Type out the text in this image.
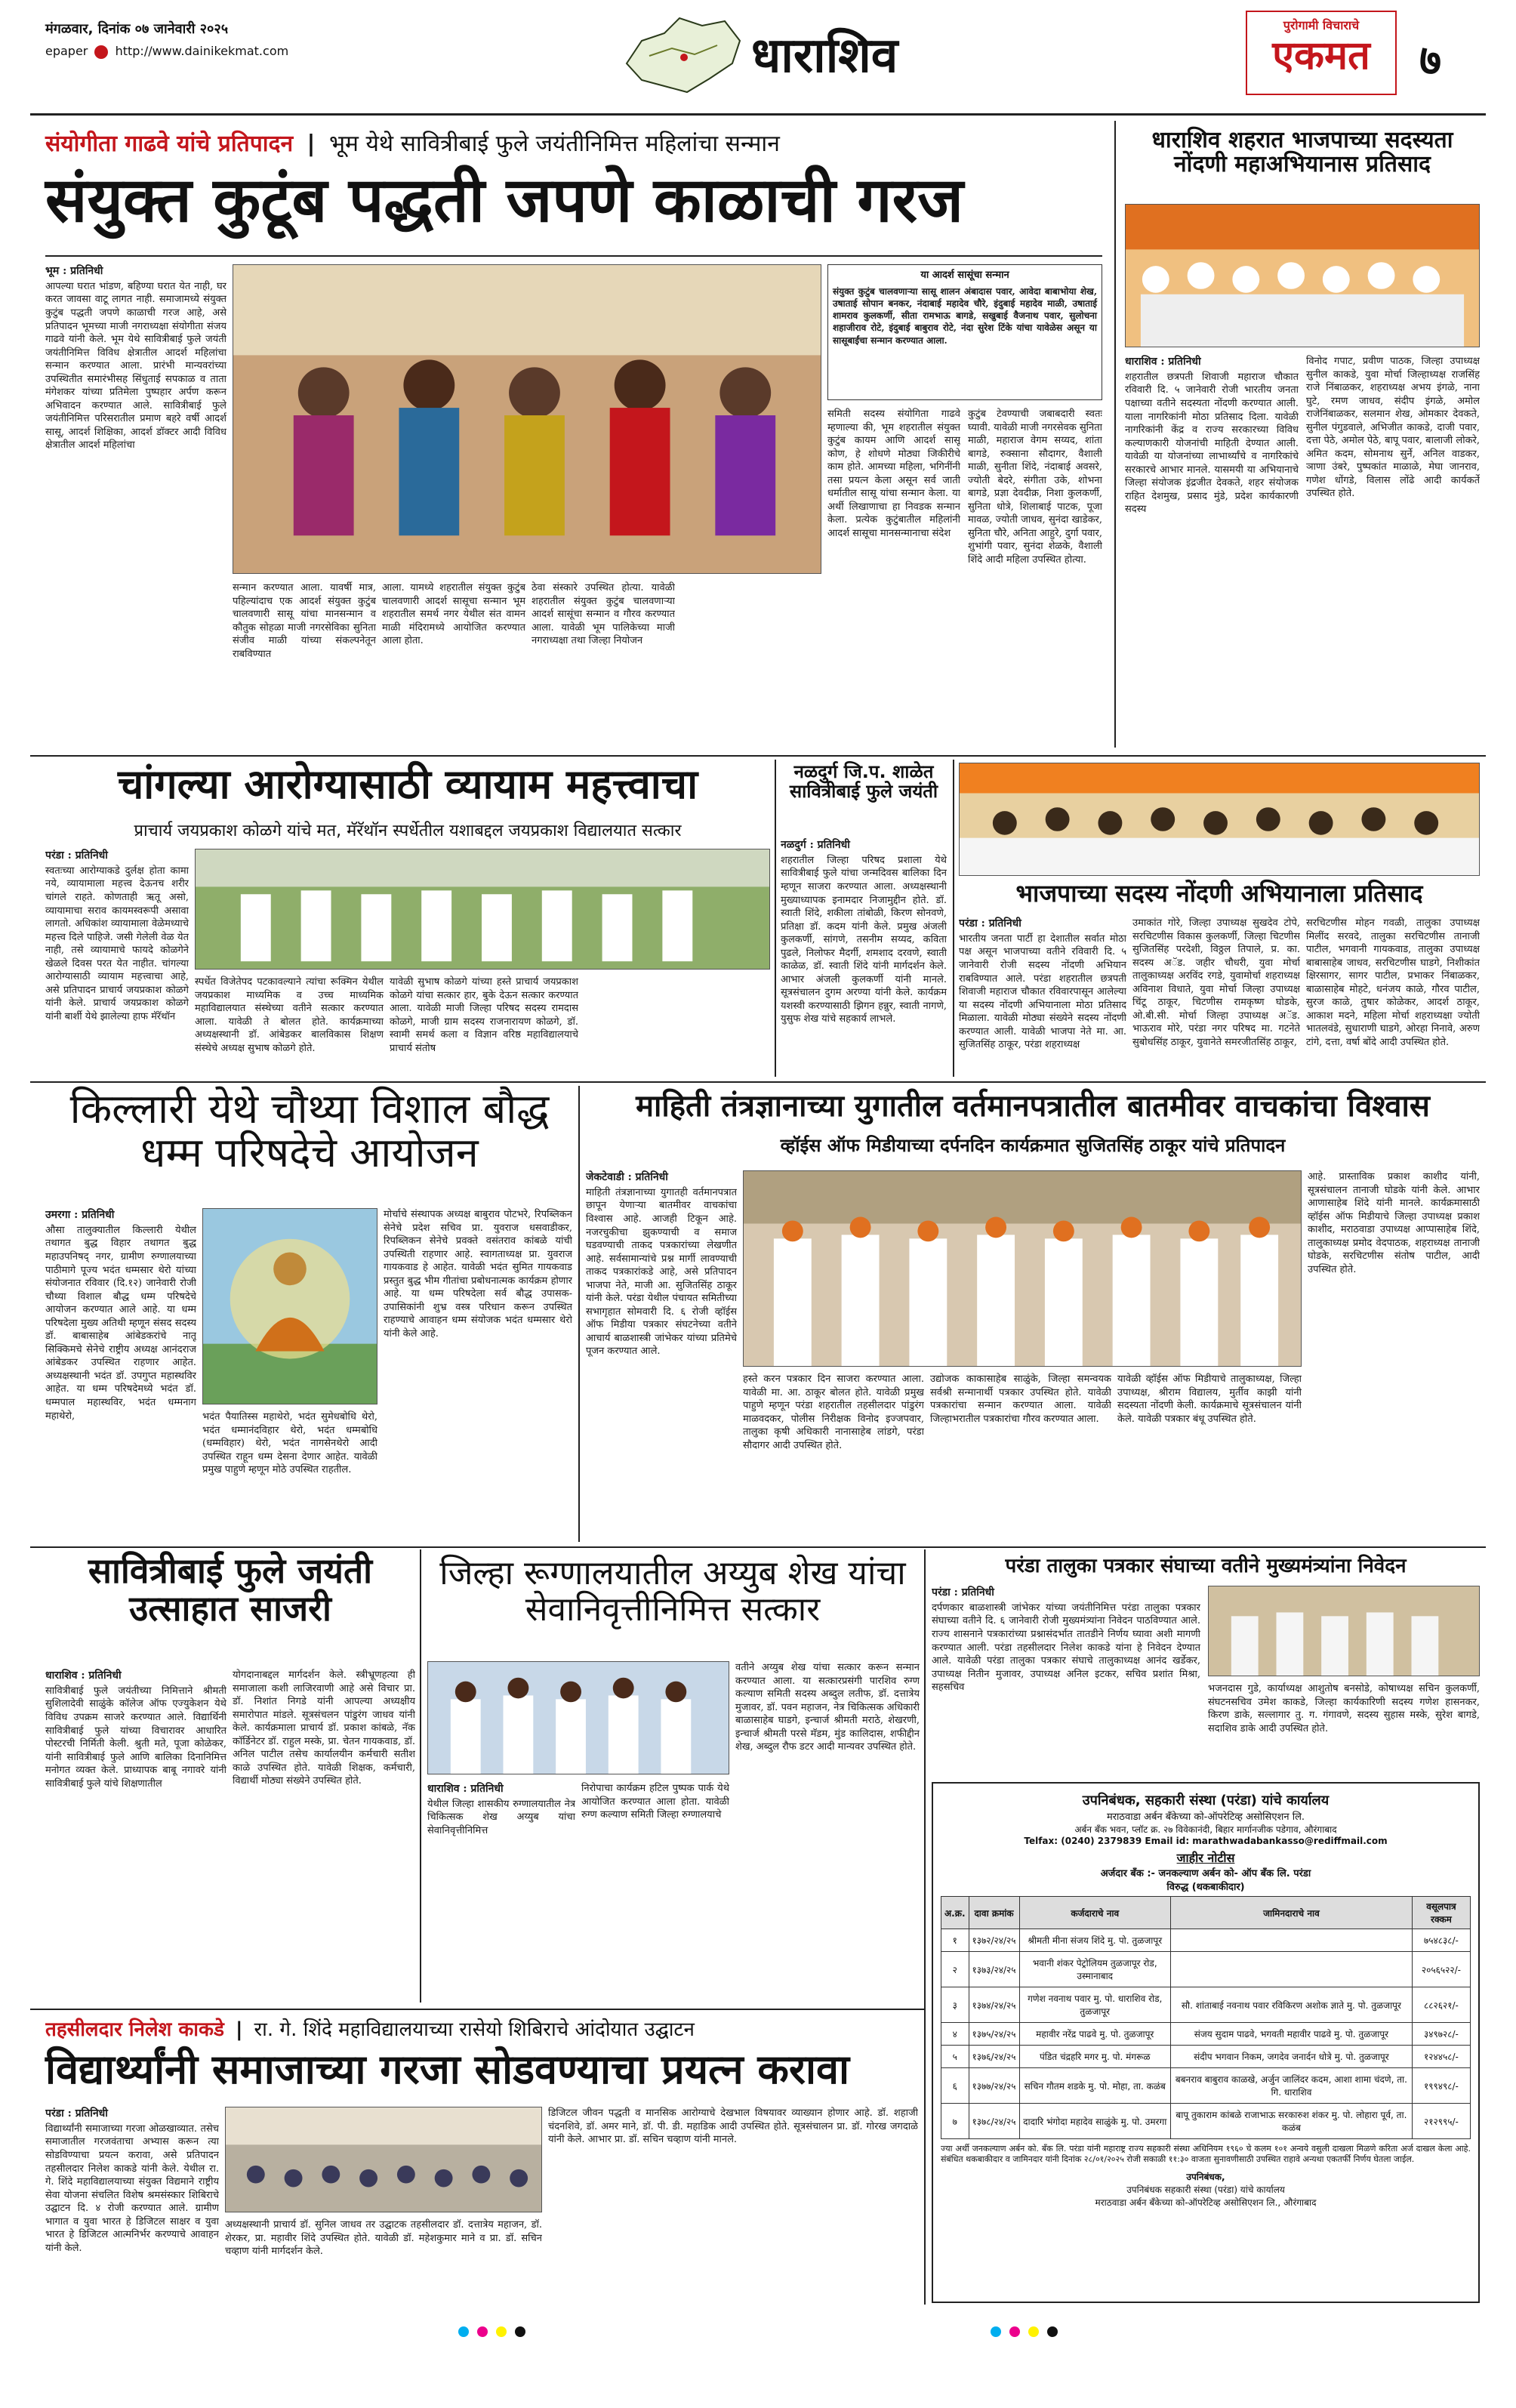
मंगळवार, दिनांक ०७ जानेवारी २०२५
epaper http://www.dainikekmat.com	धाराशिव
पुरोगामी विचाराचे
एकमत	७
संयोगीता गाढवे यांचे प्रतिपादन | भूम येथे सावित्रीबाई फुले जयंतीनिमित्त महिलांचा सन्मान
संयुक्त कुटूंब पद्धती जपणे काळाची गरज
भूम : प्रतिनिधी
आपल्या घरात भांडण, बहिण्या घरात येत नाही, घर करत जावसा वाटू लागत नाही. समाजामध्ये संयुक्त कुटुंब पद्धती जपणे काळाची गरज आहे, असे प्रतिपादन भूमच्या माजी नगराध्यक्षा संयोगीता संजय गाढवे यांनी केले. भूम येथे सावित्रीबाई फुले जयंती जयंतीनिमित्त विविध क्षेत्रातील आदर्श महिलांचा सन्मान करण्यात आला. प्रारंभी मान्यवरांच्या उपस्थितीत समारंभीसह सिंधुताई सपकाळ व ताता मंगेशकर यांच्या प्रतिमेला पुष्पहार अर्पण करून अभिवादन करण्यात आले. सावित्रीबाई फुले जयंतीनिमित्त परिसरातील प्रमाण बहरे वर्षी आदर्श सासू, आदर्श शिक्षिका, आदर्श डॉक्टर आदी विविध क्षेत्रातील आदर्श महिलांचा
या आदर्श सासूंचा सन्मान
संयुक्त कुटुंब चालवणाऱ्या सासू शालन अंबादास पवार, आवेदा बाबाभोया शेख, उषाताई सोपान बनकर, नंदाबाई महादेव चौरे, इंदुबाई महादेव माळी, उषाताई शामराव कुलकर्णी, सीता रामभाऊ बागडे, सखुबाई वैजनाथ पवार, सुलोचना शहाजीराव रोटे, इंदुबाई बाबुराव रोटे, नंदा सुरेश टिंके यांचा यावेळेस असून या सासूबाईंचा सन्मान करण्यात आला.
सन्मान करण्यात आला. यावर्षी मात्र, पहिल्यांदाच एक आदर्श संयुक्त कुटुंब चालवणारी सासू यांचा मानसन्मान व कौतुक सोहळा माजी नगरसेविका सुनिता संजीव माळी यांच्या संकल्पनेतून राबविण्यात
आला. यामध्ये शहरातील संयुक्त कुटुंब चालवणारी आदर्श सासूचा सन्मान भूम शहरातील समर्थ नगर येथील संत वामन माळी मंदिरामध्ये आयोजित करण्यात आला होता.
ठेवा संस्कारे उपस्थित होत्या. यावेळी शहरातील संयुक्त कुटुंब चालवणाऱ्या आदर्श सासूंचा सन्मान व गौरव करण्यात आला. यावेळी भूम पालिकेच्या माजी नगराध्यक्षा तथा जिल्हा नियोजन
समिती सदस्य संयोगिता गाढवे म्हणाल्या की, भूम शहरातील संयुक्त कुटुंब कायम आणि आदर्श सासू कोण, हे शोधणे मोठ्या जिकीरीचे काम होते. आमच्या महिला, भगिनींनी तसा प्रयत्न केला असून सर्व जाती धर्मातील सासू यांचा सन्मान केला. या अर्थी लिखाणाचा हा निवडक सन्मान केला. प्रत्येक कुटुंबातील महिलांनी आदर्श सासूचा मानसन्मानाचा संदेश
कुटुंब टेवण्याची जबाबदारी स्वतः घ्यावी. यावेळी माजी नगरसेवक सुनिता माळी, महाराज वेगम सय्यद, शांता बागडे, रुक्साना सौदागर, वैशाली माळी, सुनीता शिंदे, नंदाबाई अवसरे, ज्योती बेदरे, संगीता उके, शोभना बागडे, प्रज्ञा देवदीक्र, निशा कुलकर्णी, सुनिता धोत्रे, शिलाबाई पाटक, पूजा मावळ, ज्योती जाधव, सुनंदा खाडेकर, सुनिता चौरे, अनिता आहुरे, दुर्गा पवार, शुभांगी पवार, सुनंदा शेळके, वैशाली शिंदे आदी महिला उपस्थित होत्या.
धाराशिव शहरात भाजपाच्या सदस्यता नोंदणी महाअभियानास प्रतिसाद
धाराशिव : प्रतिनिधी
शहरातील छत्रपती शिवाजी महाराज चौकात रविवारी दि. ५ जानेवारी रोजी भारतीय जनता पक्षाच्या वतीने सदस्यता नोंदणी करण्यात आली. याला नागरिकांनी मोठा प्रतिसाद दिला. यावेळी नागरिकांनी केंद्र व राज्य सरकारच्या विविध कल्याणकारी योजनांची माहिती देण्यात आली. यावेळी या योजनांच्या लाभार्थ्यांचे व नागरिकांचे सरकारचे आभार मानले. यासमयी या अभियानाचे जिल्हा संयोजक इंद्रजीत देवकते, शहर संयोजक राहित देशमुख, प्रसाद मुंडे, प्रदेश कार्यकारणी सदस्य
विनोद गपाट, प्रवीण पाठक, जिल्हा उपाध्यक्ष सुनील काकडे, युवा मोर्चा जिल्हाध्यक्ष राजसिंह राजे निंबाळकर, शहराध्यक्ष अभय इंगळे, नाना घुटे, रमण जाधव, संदीप इंगळे, अमोल राजेनिंबाळकर, सलमान शेख, ओमकार देवकते, सुनील पंगुडवाले, अभिजीत काकडे, दाजी पवार, दत्ता पेठे, अमोल पेठे, बापू पवार, बालाजी लोकरे, अमित कदम, सोमनाथ सुर्ने, अनिल वाडकर, ञाणा उंबरे, पुष्पकांत माळाळे, मेघा जानराव, गणेश धोंगडे, विलास लोंढे आदी कार्यकर्ते उपस्थित होते.
चांगल्या आरोग्यासाठी व्यायाम महत्त्वाचा
प्राचार्य जयप्रकाश कोळगे यांचे मत, मॅरॅथॉन स्पर्धेतील यशाबद्दल जयप्रकाश विद्यालयात सत्कार
परंडा : प्रतिनिधी
स्वतःच्या आरोग्याकडे दुर्लक्ष होता कामा नये, व्यायामाला महत्त्व देऊनच शरीर चांगले राहते. कोणताही ऋतू असो, व्यायामाचा सराव कायमस्वरूपी असावा लागतो. अधिकांश व्यायामाला वेळेमध्याचे महत्त्व दिले पाहिजे. जसी गेलेली वेळ येत नाही, तसे व्यायामाचे फायदे कोळगेने खेळले दिवस परत येत नाहीत. चांगल्या आरोग्यासाठी व्यायाम महत्त्वाचा आहे, असे प्रतिपादन प्राचार्य जयप्रकाश कोळगे यांनी केले. प्राचार्य जयप्रकाश कोळगे यांनी बार्शी येथे झालेल्या हाफ मॅरॅथॉन
स्पर्धेत विजेतेपद पटकावल्याने त्यांचा रूक्मिन येथील जयप्रकाश माध्यमिक व उच्च माध्यमिक महाविद्यालयात संस्थेच्या वतीने सत्कार करण्यात आला. यावेळी ते बोलत होते. कार्यक्रमाच्या अध्यक्षस्थानी डॉ. आंबेडकर बालविकास शिक्षण संस्थेचे अध्यक्ष सुभाष कोळगे होते.
यावेळी सुभाष कोळगे यांच्या हस्ते प्राचार्य जयप्रकाश कोळगे यांचा सत्कार हार, बुके देऊन सत्कार करण्यात आला. यावेळी माजी जिल्हा परिषद सदस्य रामदास कोळगे, माजी ग्राम सदस्य राजनारायण कोळगे, डॉ. स्वामी समर्थ कला व विज्ञान वरिष्ठ महाविद्यालयाचे प्राचार्य संतोष
नळदुर्ग जि.प. शाळेत सावित्रीबाई फुले जयंती
नळदुर्ग : प्रतिनिधी
शहरातील जिल्हा परिषद प्रशाला येथे सावित्रीबाई फुले यांचा जन्मदिवस बालिका दिन म्हणून साजरा करण्यात आला. अध्यक्षस्थानी मुख्याध्यापक इनामदार निजामुद्दीन होते. डॉ. स्वाती शिंदे, शकीला तांबोळी, किरण सोनवणे, प्रतिक्षा डॉ. कदम यांनी केले. प्रमुख अंजली कुलकर्णी, सांगणे, तसनीम सय्यद, कविता पुढले, निलोफर मैदर्गी, शमशाद दरवणे, स्वाती काळेळ, डॉ. स्वाती शिंदे यांनी मार्गदर्शन केले. आभार अंजली कुलकर्णी यांनी मानले. सूत्रसंचालन दुगम अरण्या यांनी केले. कार्यक्रम यशस्वी करण्यासाठी झिगन हन्नुर, स्वाती नागणे, युसुफ शेख यांचे सहकार्य लाभले.
भाजपाच्या सदस्य नोंदणी अभियानाला प्रतिसाद
परंडा : प्रतिनिधी
भारतीय जनता पार्टी हा देशातील सर्वात मोठा पक्ष असून भाजपाच्या वतीने रविवारी दि. ५ जानेवारी रोजी सदस्य नोंदणी अभियान राबविण्यात आले. परंडा शहरातील छत्रपती शिवाजी महाराज चौकात रविवारपासून आलेल्या या सदस्य नोंदणी अभियानाला मोठा प्रतिसाद मिळाला. यावेळी मोठ्या संख्येने सदस्य नोंदणी करण्यात आली. यावेळी भाजपा नेते मा. आ. सुजितसिंह ठाकूर, परंडा शहराध्यक्ष
उमाकांत गोरे, जिल्हा उपाध्यक्ष सुखदेव टोपे, सरचिटणीस विकास कुलकर्णी, जिल्हा चिटणीस सुजितसिंह परदेशी, विठ्ठल तिपाले, प्र. का. सदस्य अॅड. जहीर चौधरी, युवा मोर्चा तालुकाध्यक्ष अरविंद रगडे, युवामोर्चा शहराध्यक्ष अविनाश विधाते, युवा मोर्चा जिल्हा उपाध्यक्ष चिंटू ठाकूर, चिटणीस रामकृष्ण घोडके, ओ.बी.सी. मोर्चा जिल्हा उपाध्यक्ष अॅड. भाऊराव मोरे, परंडा नगर परिषद मा. गटनेते सुबोधसिंह ठाकूर, युवानेते समरजीतसिंह ठाकूर,
सरचिटणीस मोहन गवळी, तालुका उपाध्यक्ष मिलींद सरवदे, तालुका सरचिटणीस तानाजी पाटील, भगवानी गायकवाड, तालुका उपाध्यक्ष बाबासाहेब जाधव, सरचिटणीस घाडगे, निशीकांत क्षिरसागर, सागर पाटील, प्रभाकर निंबाळकर, बाळासाहेब मोहटे, धनंजय काळे, गौरव पाटील, सुरज काळे, तुषार कोळेकर, आदर्श ठाकूर, आकाश मदने, महिला मोर्चा शहराध्यक्षा ज्योती भातलवंडे, सुधाराणी घाडगे, ओरहा निनावे, अरुण टांगे, दत्ता, वर्षा बोंदे आदी उपस्थित होते.
किल्लारी येथे चौथ्या विशाल बौद्ध धम्म परिषदेचे आयोजन
उमरगा : प्रतिनिधी
औसा तालुक्यातील किल्लारी येथील तथागत बुद्ध विहार तथागत बुद्ध महाउपनिषद् नगर, ग्रामीण रुग्णालयाच्या पाठीमागे पूज्य भदंत धम्मसार थेरो यांच्या संयोजनात रविवार (दि.१२) जानेवारी रोजी चौथ्या विशाल बौद्ध धम्म परिषदेचे आयोजन करण्यात आले आहे. या धम्म परिषदेला मुख्य अतिथी म्हणून संसद सदस्य डॉ. बाबासाहेब आंबेडकरांचे नातू सिक्किमचे सेनेचे राष्ट्रीय अध्यक्ष आनंदराज आंबेडकर उपस्थित राहणार आहेत. अध्यक्षस्थानी भदंत डॉ. उपगुप्त महास्थविर आहेत. या धम्म परिषदेमध्ये भदंत डॉ. धम्मपाल महास्थविर, भदंत धम्मनाग महाथेरो,	भदंत पैयातिस्स महाथेरो, भदंत सुमेधबोधि थेरो, भदंत धम्मानंदविहार थेरो, भदंत धम्मबोधि (धम्मविहार) थेरो, भदंत नागसेनथेरो आदी उपस्थित राहून धम्म देसना देणार आहेत. यावेळी प्रमुख पाहुणे म्हणून मोठे उपस्थित राहतील.
मोर्चाचे संस्थापक अध्यक्ष बाबुराव पोटभरे, रिपब्लिकन सेनेचे प्रदेश सचिव प्रा. युवराज धसवाडीकर, रिपब्लिकन सेनेचे प्रवक्ते वसंतराव कांबळे यांची उपस्थिती राहणार आहे. स्वागताध्यक्ष प्रा. युवराज गायकवाड हे आहेत. यावेळी भदंत सुमित गायकवाड प्रस्तुत बुद्ध भीम गीतांचा प्रबोधनात्मक कार्यक्रम होणार आहे. या धम्म परिषदेला सर्व बौद्ध उपासक-उपासिकांनी शुभ्र वस्त्र परिधान करून उपस्थित राहण्याचे आवाहन धम्म संयोजक भदंत धम्मसार थेरो यांनी केले आहे.
माहिती तंत्रज्ञानाच्या युगातील वर्तमानपत्रातील बातमीवर वाचकांचा विश्वास
व्हॉईस ऑफ मिडीयाच्या दर्पनदिन कार्यक्रमात सुजितसिंह ठाकूर यांचे प्रतिपादन
जेकटेवाडी : प्रतिनिधी
माहिती तंत्रज्ञानाच्या युगातही वर्तमानपत्रात छापून येणाऱ्या बातमीवर वाचकांचा विश्वास आहे. आजही टिकून आहे. नजरचुकीचा झुकण्याची व समाज घडवण्याची ताकद पत्रकारांच्या लेखणीत आहे. सर्वसामान्यांचे प्रश्न मार्गी लावण्याची ताकद पत्रकारांकडे आहे, असे प्रतिपादन भाजपा नेते, माजी आ. सुजितसिंह ठाकूर यांनी केले. परंडा येथील पंचायत समितीच्या सभागृहात सोमवारी दि. ६ रोजी व्हॉईस ऑफ मिडीया पत्रकार संघटनेच्या वतीने आचार्य बाळशास्त्री जांभेकर यांच्या प्रतिमेचे पूजन करण्यात आले.
हस्ते करन पत्रकार दिन साजरा करण्यात आला. यावेळी मा. आ. ठाकूर बोलत होते. यावेळी प्रमुख पाहुणे म्हणून परंडा शहरातील तहसीलदार पांडुरंग माळवदकर, पोलीस निरीक्षक विनोद इज्जपवार, तालुका कृषी अधिकारी नानासाहेब लांडगे, परंडा सौदागर आदी उपस्थित होते.
उद्योजक काकासाहेब साळुंके, जिल्हा समन्वयक सर्वश्री सन्मानार्थी पत्रकार उपस्थित होते. यावेळी पत्रकारांचा सन्मान करण्यात आला. यावेळी जिल्हाभरातील पत्रकारांचा गौरव करण्यात आला.
यावेळी व्हॉईस ऑफ मिडीयाचे तालुकाध्यक्ष, जिल्हा उपाध्यक्ष, श्रीराम विद्यालय, मुर्तीव काझी यांनी सदस्यता नोंदणी केली. कार्यक्रमाचे सूत्रसंचालन यांनी केले. यावेळी पत्रकार बंधू उपस्थित होते.
आहे. प्रास्ताविक प्रकाश काशीद यांनी, सूत्रसंचालन तानाजी घोडके यांनी केले. आभार आणासाहेब शिंदे यांनी मानले. कार्यक्रमासाठी व्हॉईस ऑफ मिडीयाचे जिल्हा उपाध्यक्ष प्रकाश काशीद, मराठवाडा उपाध्यक्ष आप्पासाहेब शिंदे, तालुकाध्यक्ष प्रमोद वेदपाठक, शहराध्यक्ष तानाजी घोडके, सरचिटणीस संतोष पाटील, आदी उपस्थित होते.
सावित्रीबाई फुले जयंती उत्साहात साजरी
धाराशिव : प्रतिनिधी
सावित्रीबाई फुले जयंतीच्या निमित्ताने श्रीमती सुशिलादेवी साळुंके कॉलेज ऑफ एज्युकेशन येथे विविध उपक्रम साजरे करण्यात आले. विद्यार्थिनी सावित्रीबाई फुले यांच्या विचारावर आधारित पोस्टरची निर्मिती केली. श्रुती मते, पूजा कोळेकर, यांनी सावित्रीबाई फुले आणि बालिका दिनानिमित्त मनोगत व्यक्त केले. प्राध्यापक बाबू नगावरे यांनी सावित्रीबाई फुले यांचे शिक्षणातील
योगदानाबद्दल मार्गदर्शन केले. स्त्रीभ्रूणहत्या ही समाजाला कशी लाजिरवाणी आहे असे विचार प्रा. डॉ. निशांत निगडे यांनी आपल्या अध्यक्षीय समारोपात मांडले. सूत्रसंचलन पांडुरंग जाधव यांनी केले. कार्यक्रमाला प्राचार्य डॉ. प्रकाश कांबळे, नॅक कॉर्डिनेटर डॉ. राहुल मस्के, प्रा. चेतन गायकवाड, डॉ. अनिल पाटील तसेच कार्यालयीन कर्मचारी सतीश काळे उपस्थित होते. यावेळी शिक्षक, कर्मचारी, विद्यार्थी मोठ्या संख्येने उपस्थित होते.
जिल्हा रूग्णालयातील अय्युब शेख यांचा सेवानिवृत्तीनिमित्त सत्कार
धाराशिव : प्रतिनिधी
येथील जिल्हा शासकीय रुग्णालयातील नेत्र चिकित्सक शेख अय्युब यांचा सेवानिवृत्तीनिमित्त
निरोपाचा कार्यक्रम हटिल पुष्पक पार्क येथे आयोजित करण्यात आला होता. यावेळी रुग्ण कल्याण समिती जिल्हा रुग्णालयाचे
वतीने अय्युब शेख यांचा सत्कार करून सन्मान करण्यात आला. या सत्कारप्रसंगी पारशिव रुग्ण कल्याण समिती सदस्य अब्दुल लतीफ, डॉ. दत्तात्रेय मुजावर, डॉ. पवन महाजन, नेत्र चिकित्सक अधिकारी बाळासाहेब घाडगे, इन्चार्ज श्रीमती मराठे, शेखरणी, इन्चार्ज श्रीमती परसे मॅडम, मुंड कालिदास, शफीद्दीन शेख, अब्दुल रौफ डटर आदी मान्यवर उपस्थित होते.
परंडा तालुका पत्रकार संघाच्या वतीने मुख्यमंत्र्यांना निवेदन
परंडा : प्रतिनिधी
दर्पणकार बाळशास्त्री जांभेकर यांच्या जयंतीनिमित्त परंडा तालुका पत्रकार संघाच्या वतीने दि. ६ जानेवारी रोजी मुख्यमंत्र्यांना निवेदन पाठविण्यात आले. राज्य शासनाने पत्रकारांच्या प्रश्नासंदर्भात तातडीने निर्णय घ्यावा अशी मागणी करण्यात आली. परंडा तहसीलदार निलेश काकडे यांना हे निवेदन देण्यात आले. यावेळी परंडा तालुका पत्रकार संघाचे तालुकाध्यक्ष आनंद खर्डेकर, उपाध्यक्ष नितीन मुजावर, उपाध्यक्ष अनिल इटकर, सचिव प्रशांत मिश्रा, सहसचिव	भजनदास गुडे, कार्याध्यक्ष आशुतोष बनसोडे, कोषाध्यक्ष सचिन कुलकर्णी, संघटनसचिव उमेश काकडे, जिल्हा कार्यकारिणी सदस्य गणेश हासनकर, किरण डाके, सल्लागार तु. ग. गंगावणे, सदस्य सुहास मस्के, सुरेश बागडे, सदाशिव डाके आदी उपस्थित होते.
उपनिबंधक, सहकारी संस्था (परंडा) यांचे कार्यालय
मराठवाडा अर्बन बँकेच्या को-ऑपरेटिव्ह असोसिएशन लि.
अर्बन बँक भवन, प्लॉट क्र. २७ विवेकानंदी, बिहार मार्गानजीक पडेगाव, औरंगाबाद
Telfax: (0240) 2379839 Email id: marathwadabankasso@rediffmail.com
जाहीर नोटीस
अर्जदार बँक :- जनकल्याण अर्बन को- ऑप बँक लि. परंडा
विरुद्ध (थकबाकीदार)
अ.क्र.	दावा क्रमांक	कर्जदाराचे नाव	जामिनदाराचे नाव	वसूलपात्र रक्कम
१	१३७२/२४/२५	श्रीमती मीना संजय शिंदे मु. पो. तुळजापूर		७५४८३८/-
२	१३७३/२४/२५	भवानी शंकर पेट्रोलियम तुळजापूर रोड, उस्मानाबाद		२०५६५२२/-
३	१३७४/२४/२५	गणेश नवनाथ पवार मु. पो. धाराशिव रोड, तुळजापूर	सौ. शांताबाई नवनाथ पवार रविकिरण अशोक ज्ञाते मु. पो. तुळजापूर	८८२६२१/-
४	१३७५/२४/२५	महावीर नरेंद्र पाढवे मु. पो. तुळजापूर	संजय सुदाम पाढवे, भगवती महावीर पाढवे मु. पो. तुळजापूर	३४९७२८/-
५	१३७६/२४/२५	पंडित चंद्रहरि मगर मु. पो. मंगरूळ	संदीप भगवान निकम, जगदेव जनार्दन धोत्रे मु. पो. तुळजापूर	१२४४५८/-
६	१३७७/२४/२५	सचिन गौतम शडके मु. पो. मोहा, ता. कळंब	बबनराव बाबुराव काळखे, अर्जुन जालिंदर कदम, आशा शामा चंदणे, ता. गि. धाराशिव	१९९४९८/-
७	१३७८/२४/२५	दादारि भंगोदा महादेव साळुंके मु. पो. उमरगा	बापू तुकाराम कांबळे राजाभाऊ सरकारुश शंकर मु. पो. लोहारा पूर्व, ता. कळंब	२१२९९५/-
ज्या अर्थी जनकल्याण अर्बन को. बँक लि. परंडा यांनी महाराष्ट्र राज्य सहकारी संस्था अधिनियम १९६० चे कलम १०१ अन्वये वसुली दाखला मिळणे करिता अर्ज दाखल केला आहे. संबंधित थकबाकीदार व जामिनदार यांनी दिनांक २८/०१/२०२५ रोजी सकाळी ११:३० वाजता सुनावणीसाठी उपस्थित राहावे अन्यथा एकतर्फी निर्णय घेतला जाईल.
उपनिबंधक,
उपनिबंधक सहकारी संस्था (परंडा) यांचे कार्यालय
मराठवाडा अर्बन बँकेच्या को-ऑपरेटिव्ह असोसिएशन लि., औरंगाबाद
तहसीलदार निलेश काकडे | रा. गे. शिंदे महाविद्यालयाच्या रासेयो शिबिराचे आंदोयात उद्घाटन
विद्यार्थ्यांनी समाजाच्या गरजा सोडवण्याचा प्रयत्न करावा
परंडा : प्रतिनिधी
विद्यार्थ्यांनी समाजाच्या गरजा ओळखाव्यात. तसेच समाजातील गरजवंताचा अभ्यास करून त्या सोडविण्याचा प्रयत्न करावा, असे प्रतिपादन तहसीलदार निलेश काकडे यांनी केले. येथील रा. गे. शिंदे महाविद्यालयाच्या संयुक्त विद्यमाने राष्ट्रीय सेवा योजना संचलित विशेष श्रमसंस्कार शिबिराचे उद्घाटन दि. ४ रोजी करण्यात आले. ग्रामीण भागात व युवा भारत हे डिजिटल साक्षर व युवा भारत हे डिजिटल आत्मनिर्भर करण्याचे आवाहन यांनी केले.
अध्यक्षस्थानी प्राचार्य डॉ. सुनिल जाधव तर उद्घाटक तहसीलदार डॉ. दत्तात्रेय महाजन, डॉ. शेरकर, प्रा. महावीर शिंदे उपस्थित होते. यावेळी डॉ. महेशकुमार माने व प्रा. डॉ. सचिन चव्हाण यांनी मार्गदर्शन केले.
डिजिटल जीवन पद्धती व मानसिक आरोग्याचे देखभाल विषयावर व्याख्यान होणार आहे. डॉ. शहाजी चंदनशिवे, डॉ. अमर माने, डॉ. पी. डी. महाडिक आदी उपस्थित होते. सूत्रसंचालन प्रा. डॉ. गोरख जगदाळे यांनी केले. आभार प्रा. डॉ. सचिन चव्हाण यांनी मानले.
